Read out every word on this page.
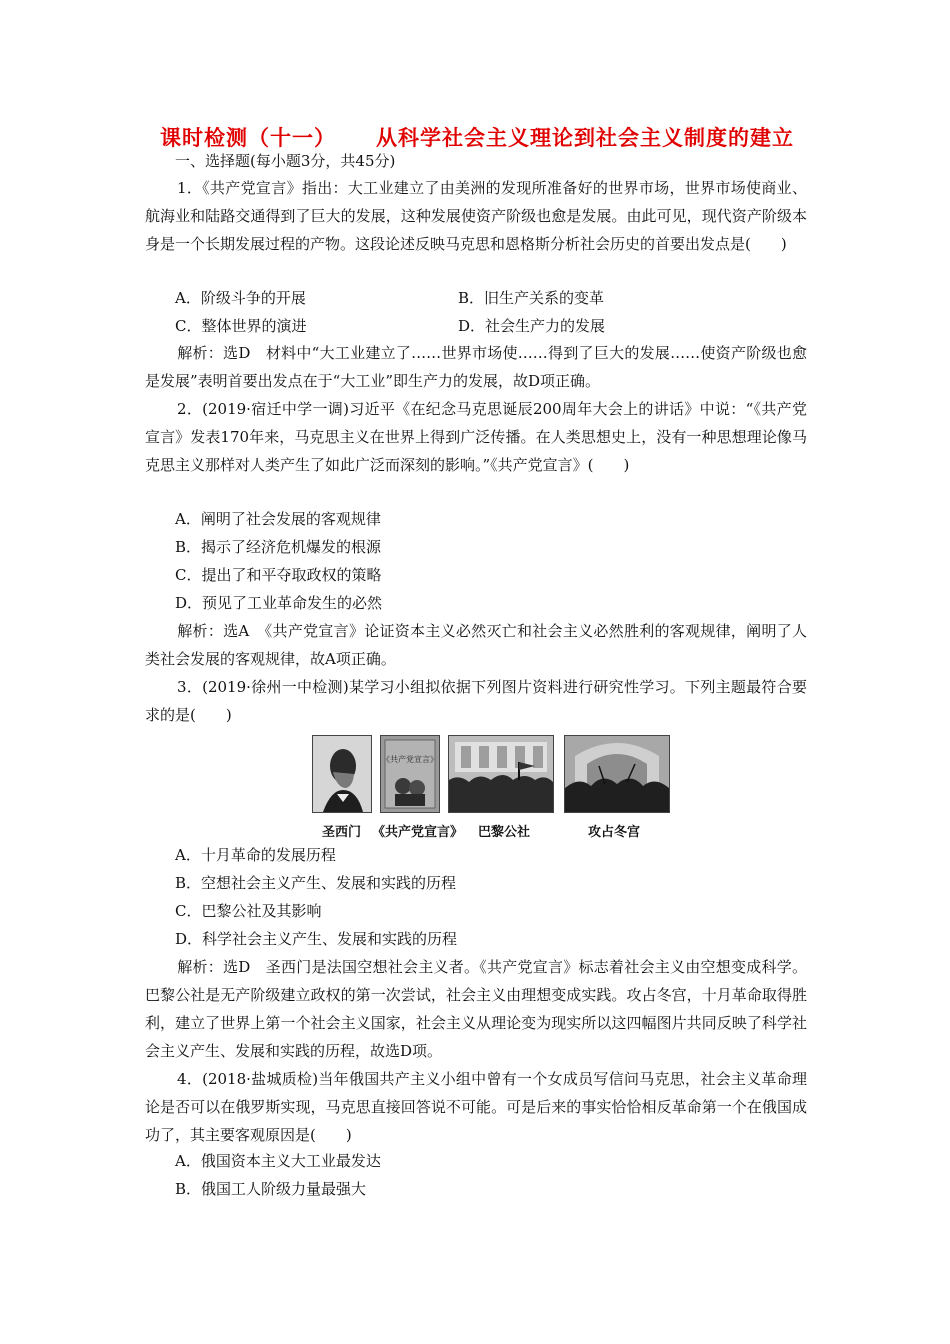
课时检测（十一） 从科学社会主义理论到社会主义制度的建立
一、选择题(每小题3分，共45分)

1．《共产党宣言》指出：大工业建立了由美洲的发现所准备好的世界市场，世界市场使商业、航海业和陆路交通得到了巨大的发展，这种发展使资产阶级也愈是发展。由此可见，现代资产阶级本身是一个长期发展过程的产物。这段论述反映马克思和恩格斯分析社会历史的首要出发点是(　　)

A．阶级斗争的开展	B．旧生产关系的变革
C．整体世界的演进	D．社会生产力的发展

解析：选D　材料中“大工业建立了……世界市场使……得到了巨大的发展……使资产阶级也愈是发展”表明首要出发点在于“大工业”即生产力的发展，故D项正确。

2．(2019·宿迁中学一调)习近平《在纪念马克思诞辰200周年大会上的讲话》中说：“《共产党宣言》发表170年来，马克思主义在世界上得到广泛传播。在人类思想史上，没有一种思想理论像马克思主义那样对人类产生了如此广泛而深刻的影响。”《共产党宣言》(　　)

A．阐明了社会发展的客观规律
B．揭示了经济危机爆发的根源
C．提出了和平夺取政权的策略
D．预见了工业革命发生的必然

解析：选A　《共产党宣言》论证资本主义必然灭亡和社会主义必然胜利的客观规律，阐明了人类社会发展的客观规律，故A项正确。

3．(2019·徐州一中检测)某学习小组拟依据下列图片资料进行研究性学习。下列主题最符合要求的是(　　)

《共产党宣言》
圣西门 《共产党宣言》 巴黎公社	攻占冬宫
A．十月革命的发展历程
B．空想社会主义产生、发展和实践的历程
C．巴黎公社及其影响
D．科学社会主义产生、发展和实践的历程

解析：选D　圣西门是法国空想社会主义者。《共产党宣言》标志着社会主义由空想变成科学。巴黎公社是无产阶级建立政权的第一次尝试，社会主义由理想变成实践。攻占冬宫，十月革命取得胜利，建立了世界上第一个社会主义国家，社会主义从理论变为现实所以这四幅图片共同反映了科学社会主义产生、发展和实践的历程，故选D项。

4．(2018·盐城质检)当年俄国共产主义小组中曾有一个女成员写信问马克思，社会主义革命理论是否可以在俄罗斯实现，马克思直接回答说不可能。可是后来的事实恰恰相反革命第一个在俄国成功了，其主要客观原因是(　　)

A．俄国资本主义大工业最发达
B．俄国工人阶级力量最强大
